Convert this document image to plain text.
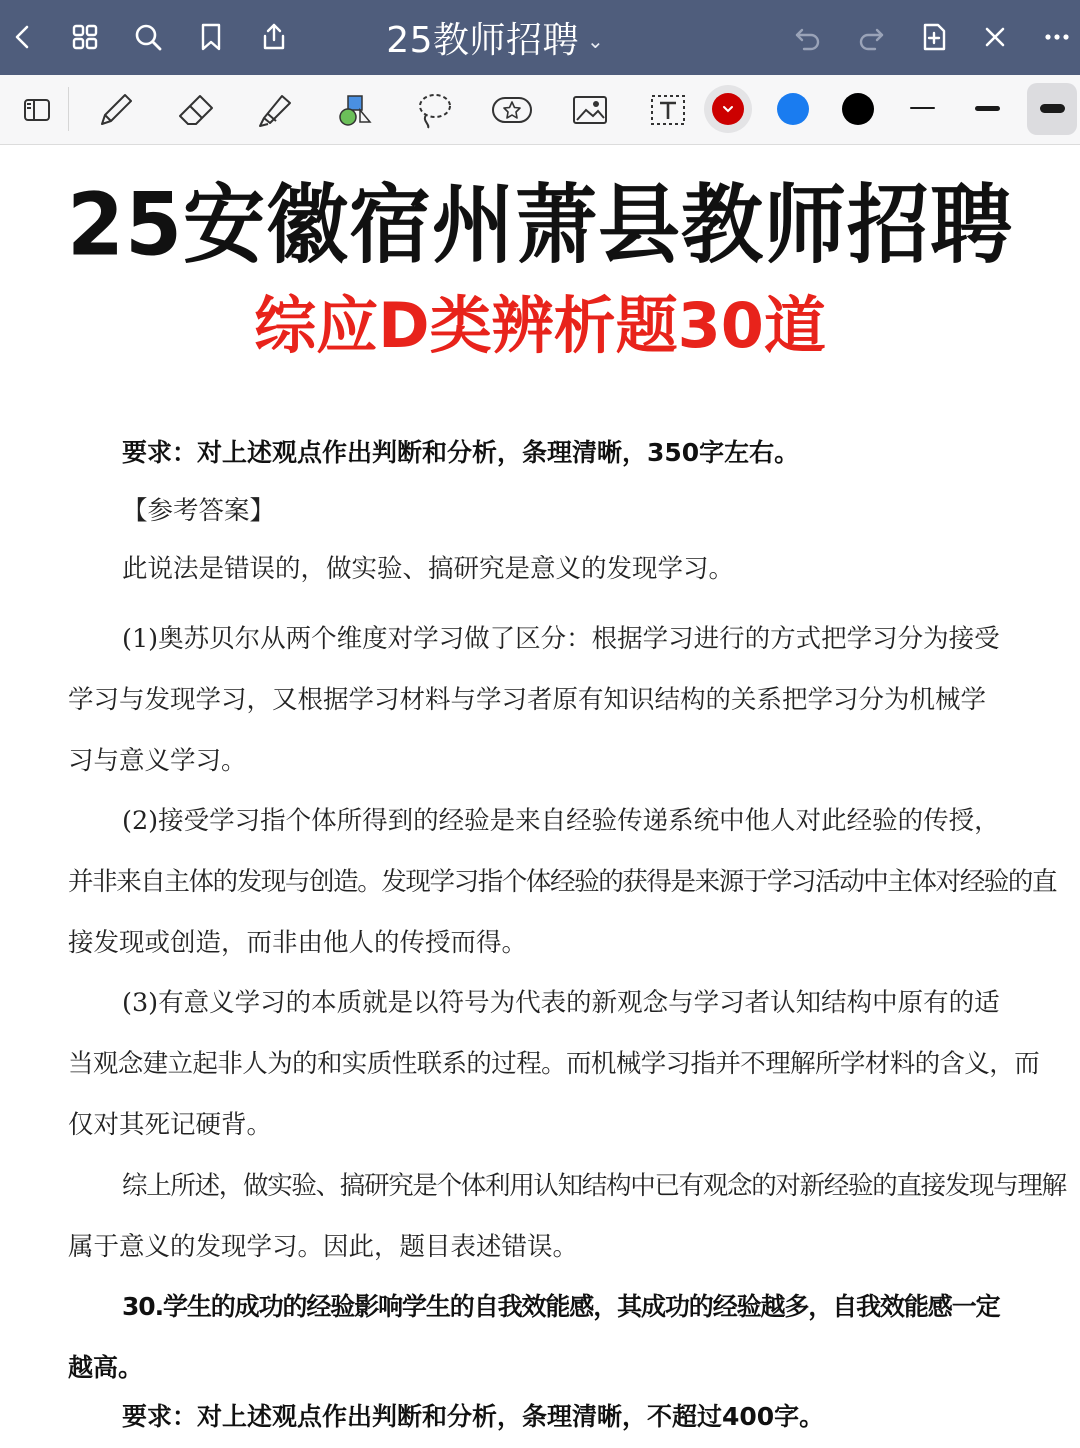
25教师招聘 ⌄
25安徽宿州萧县教师招聘
综应D类辨析题30道
要求：对上述观点作出判断和分析，条理清晰，350字左右。
【参考答案】
此说法是错误的，做实验、搞研究是意义的发现学习。
(1)奥苏贝尔从两个维度对学习做了区分：根据学习进行的方式把学习分为接受
学习与发现学习，又根据学习材料与学习者原有知识结构的关系把学习分为机械学
习与意义学习。
(2)接受学习指个体所得到的经验是来自经验传递系统中他人对此经验的传授，
并非来自主体的发现与创造。发现学习指个体经验的获得是来源于学习活动中主体对经验的直
接发现或创造，而非由他人的传授而得。
(3)有意义学习的本质就是以符号为代表的新观念与学习者认知结构中原有的适
当观念建立起非人为的和实质性联系的过程。而机械学习指并不理解所学材料的含义，而
仅对其死记硬背。
综上所述，做实验、搞研究是个体利用认知结构中已有观念的对新经验的直接发现与理解
属于意义的发现学习。因此，题目表述错误。
30.学生的成功的经验影响学生的自我效能感，其成功的经验越多，自我效能感一定
越高。
要求：对上述观点作出判断和分析，条理清晰，不超过400字。
